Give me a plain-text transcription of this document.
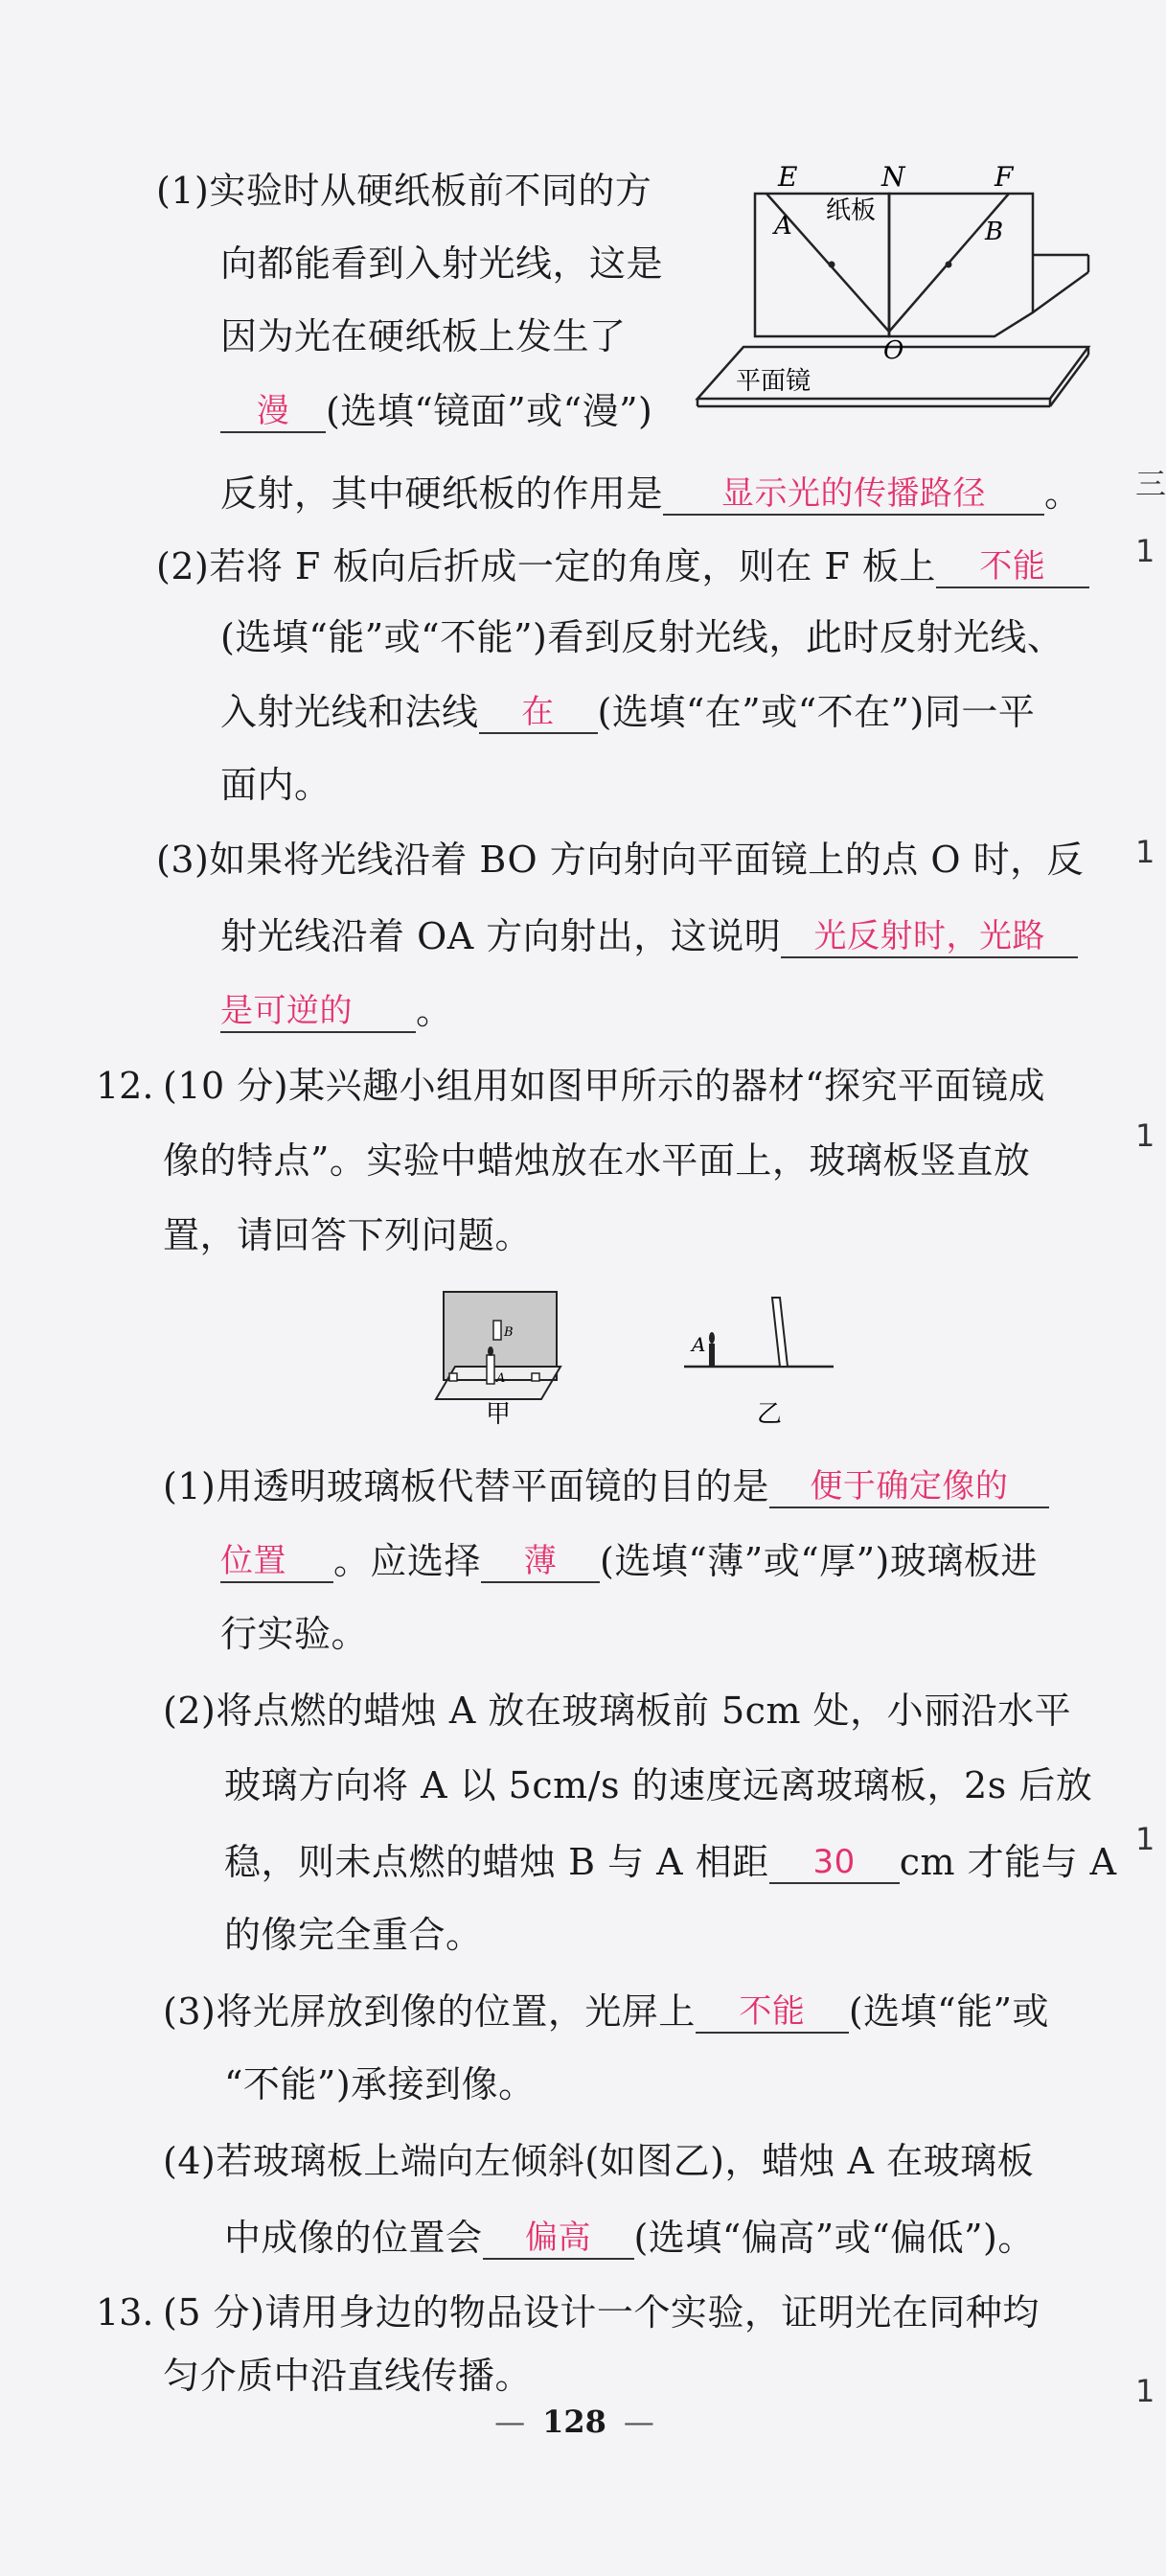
(1)实验时从硬纸板前不同的方
向都能看到入射光线，这是
因为光在硬纸板上发生了
漫 (选填“镜面”或“漫”)
E	N	F
A	B
O
纸板
平面镜
反射，其中硬纸板的作用是 显示光的传播路径 。
(2)若将 F 板向后折成一定的角度，则在 F 板上 不能
(选填“能”或“不能”)看到反射光线，此时反射光线、
入射光线和法线 在 (选填“在”或“不在”)同一平
面内。
(3)如果将光线沿着 BO 方向射向平面镜上的点 O 时，反
射光线沿着 OA 方向射出，这说明 光反射时，光路
是可逆的 。
12. (10 分)某兴趣小组用如图甲所示的器材“探究平面镜成
像的特点”。实验中蜡烛放在水平面上，玻璃板竖直放
置，请回答下列问题。
B
A
甲
A
乙
(1)用透明玻璃板代替平面镜的目的是 便于确定像的
位置 。应选择 薄 (选填“薄”或“厚”)玻璃板进
行实验。
(2)将点燃的蜡烛 A 放在玻璃板前 5cm 处，小丽沿水平
玻璃方向将 A 以 5cm/s 的速度远离玻璃板，2s 后放
稳，则未点燃的蜡烛 B 与 A 相距 30 cm 才能与 A
的像完全重合。
(3)将光屏放到像的位置，光屏上 不能 (选填“能”或
“不能”)承接到像。
(4)若玻璃板上端向左倾斜(如图乙)，蜡烛 A 在玻璃板
中成像的位置会 偏高 (选填“偏高”或“偏低”)。
13. (5 分)请用身边的物品设计一个实验，证明光在同种均
匀介质中沿直线传播。
— 128 —
三
1
1
1
1
1
